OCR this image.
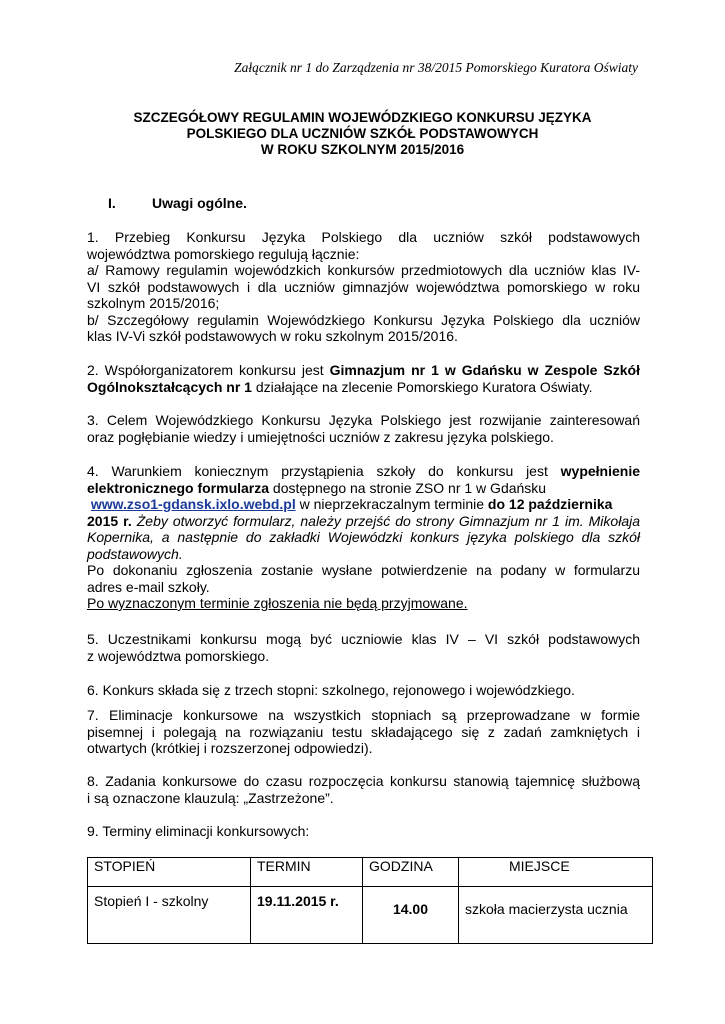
Załącznik nr 1 do Zarządzenia nr 38/2015 Pomorskiego Kuratora Oświaty
SZCZEGÓŁOWY REGULAMIN WOJEWÓDZKIEGO KONKURSU JĘZYKA
POLSKIEGO DLA UCZNIÓW SZKÓŁ PODSTAWOWYCH
W ROKU SZKOLNYM 2015/2016
I.	Uwagi ogólne.
1. Przebieg Konkursu Języka Polskiego dla uczniów szkół podstawowych
województwa pomorskiego regulują łącznie:
a/ Ramowy regulamin wojewódzkich konkursów przedmiotowych dla uczniów klas IV-
VI szkół podstawowych i dla uczniów gimnazjów województwa pomorskiego w roku
szkolnym 2015/2016;
b/ Szczegółowy regulamin Wojewódzkiego Konkursu Języka Polskiego dla uczniów
klas IV-Vi szkół podstawowych w roku szkolnym 2015/2016.
2. Współorganizatorem konkursu jest Gimnazjum nr 1 w Gdańsku w Zespole Szkół
Ogólnokształcących nr 1 działające na zlecenie Pomorskiego Kuratora Oświaty.
3. Celem Wojewódzkiego Konkursu Języka Polskiego jest rozwijanie zainteresowań
oraz pogłębianie wiedzy i umiejętności uczniów z zakresu języka polskiego.
4. Warunkiem koniecznym przystąpienia szkoły do konkursu jest wypełnienie
elektronicznego formularza dostępnego na stronie ZSO nr 1 w Gdańsku
www.zso1-gdansk.ixlo.webd.pl w nieprzekraczalnym terminie do 12 października
2015 r. Żeby otworzyć formularz, należy przejść do strony Gimnazjum nr 1 im. Mikołaja
Kopernika, a następnie do zakładki Wojewódzki konkurs języka polskiego dla szkół
podstawowych.
Po dokonaniu zgłoszenia zostanie wysłane potwierdzenie na podany w formularzu
adres e-mail szkoły.
Po wyznaczonym terminie zgłoszenia nie będą przyjmowane.
5. Uczestnikami konkursu mogą być uczniowie klas IV – VI szkół podstawowych
z województwa pomorskiego.
6. Konkurs składa się z trzech stopni: szkolnego, rejonowego i wojewódzkiego.
7. Eliminacje konkursowe na wszystkich stopniach są przeprowadzane w formie
pisemnej i polegają na rozwiązaniu testu składającego się z zadań zamkniętych i
otwartych (krótkiej i rozszerzonej odpowiedzi).
8. Zadania konkursowe do czasu rozpoczęcia konkursu stanowią tajemnicę służbową
i są oznaczone klauzulą: „Zastrzeżone”.
9. Terminy eliminacji konkursowych:
STOPIEŃ	TERMIN	GODZINA	MIEJSCE
Stopień I - szkolny	19.11.2015 r.	14.00	szkoła macierzysta ucznia
